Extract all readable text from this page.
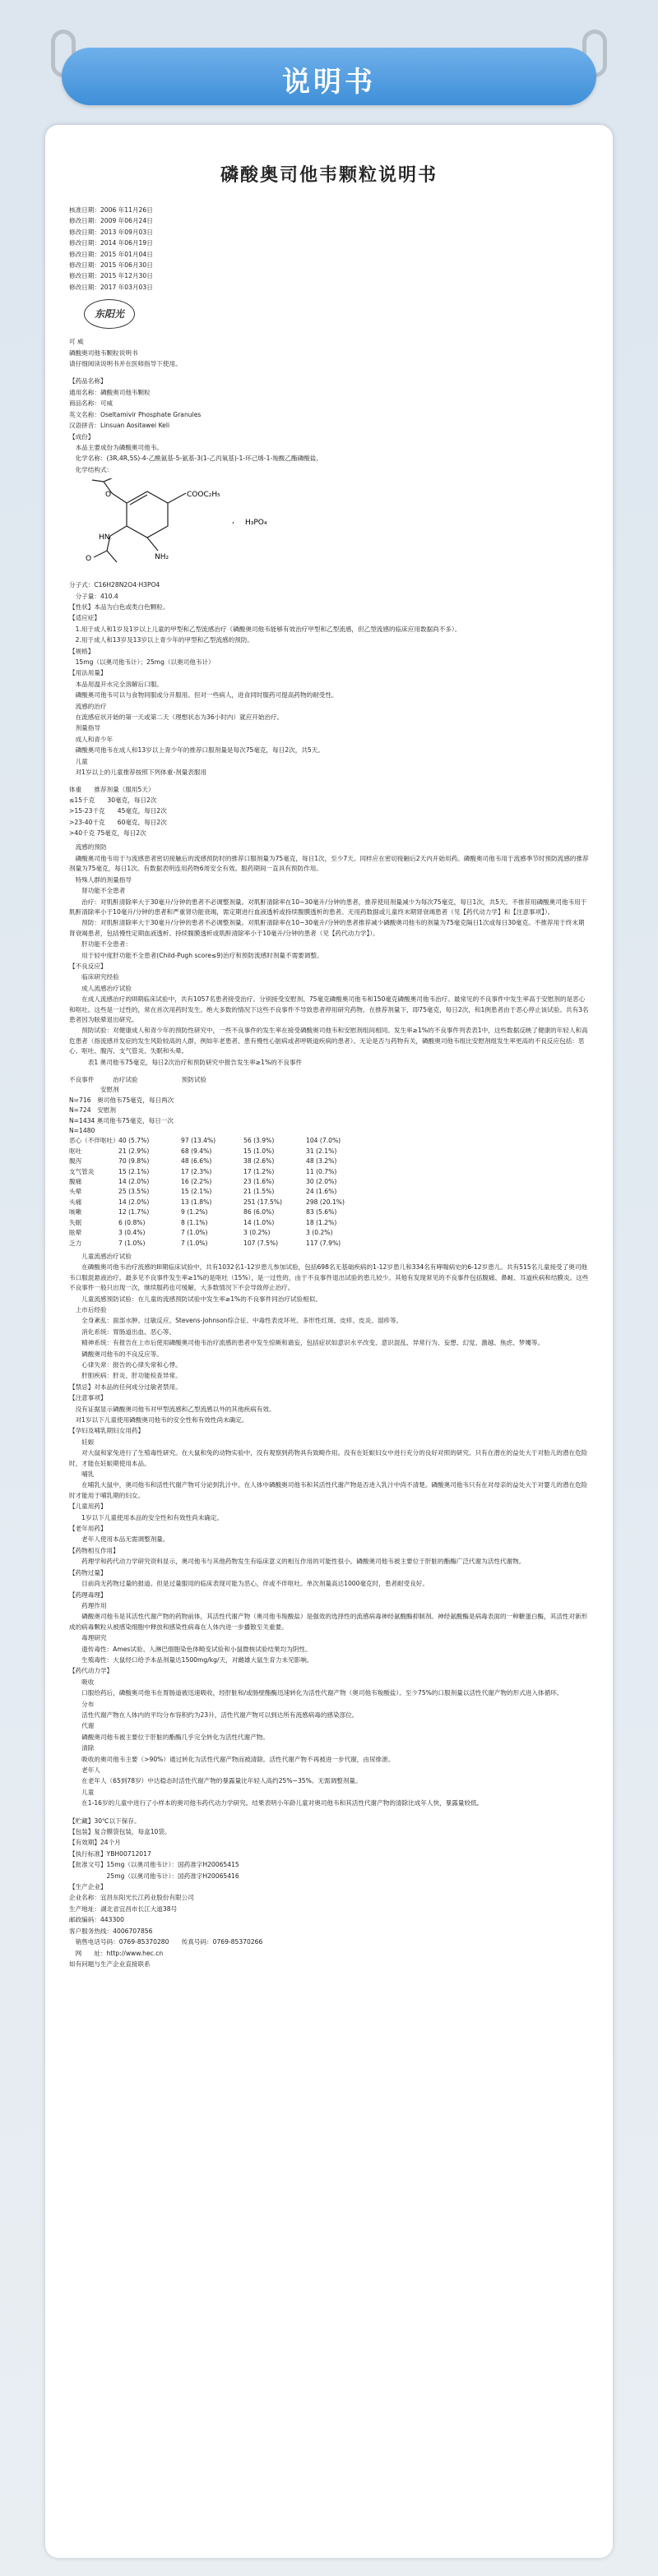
说明书
磷酸奥司他韦颗粒说明书
核准日期：2006 年11月26日
修改日期：2009 年06月24日
修改日期：2013 年09月03日
修改日期：2014 年06月19日
修改日期：2015 年01月04日
修改日期：2015 年06月30日
修改日期：2015 年12月30日
修改日期：2017 年03月03日
东阳光
可 威
磷酸奥司他韦颗粒说明书
请仔细阅读说明书并在医师指导下使用。
【药品名称】
通用名称：磷酸奥司他韦颗粒
商品名称：可威
英文名称：Oseltamivir Phosphate Granules
汉语拼音：Linsuan Aositawei Keli
【成份】
　本品主要成份为磷酸奥司他韦。
　化学名称：(3R,4R,5S)-4-乙酰氨基-5-氨基-3(1-乙丙氧基)-1-环己烯-1-羧酸乙酯磷酸盐。
　化学结构式：
O	COOC₂H₅
HN
O	NH₂
， H₃PO₄
分子式：C16H28N2O4·H3PO4
　分子量：410.4
【性状】本品为白色或类白色颗粒。
【适应症】
　1.用于成人和1岁及1岁以上儿童的甲型和乙型流感治疗（磷酸奥司他韦能够有效治疗甲型和乙型流感，但乙型流感的临床应用数据尚不多）。
　2.用于成人和13岁及13岁以上青少年的甲型和乙型流感的预防。
【规格】
　15mg（以奥司他韦计）；25mg（以奥司他韦计）
【用法用量】
　本品用温开水完全溶解后口服。
　磷酸奥司他韦可以与食物同服或分开服用。但对一些病人，进食同时服药可提高药物的耐受性。
　流感的治疗
　在流感症状开始的第一天或第二天（理想状态为36小时内）就应开始治疗。
　剂量指导
　成人和青少年
　磷酸奥司他韦在成人和13岁以上青少年的推荐口服剂量是每次75毫克，每日2次，共5天。
　儿童
　对1岁以上的儿童推荐按照下列体重-剂量表服用
体重　　推荐剂量（服用5天）
≤15千克　　30毫克，每日2次
>15-23千克　　45毫克，每日2次
>23-40千克　　60毫克，每日2次
>40千克 75毫克，每日2次
　流感的预防
　磷酸奥司他韦用于与流感患者密切接触后的流感预防时的推荐口服剂量为75毫克，每日1次，至少7天。同样应在密切接触后2天内开始用药。磷酸奥司他韦用于流感季节时预防流感的推荐剂量为75毫克，每日1次。有数据表明连用药物6周安全有效。服药期间一直具有预防作用。
　特殊人群的剂量指导
　　肾功能不全患者
　　治疗：对肌酐清除率大于30毫升/分钟的患者不必调整剂量。对肌酐清除率在10~30毫升/分钟的患者，推荐使用剂量减少为每次75毫克，每日1次，共5天。不推荐用磷酸奥司他韦用于肌酐清除率小于10毫升/分钟的患者和严重肾功能衰竭，需定期进行血液透析或持续腹膜透析的患者。无用药数据或儿童终末期肾衰竭患者（见【药代动力学】和【注意事项】）。
　　预防：对肌酐清除率大于30毫升/分钟的患者不必调整剂量。对肌酐清除率在10~30毫升/分钟的患者推荐减少磷酸奥司他韦的剂量为75毫克隔日1次或每日30毫克。不推荐用于终末期肾衰竭患者，包括慢性定期血液透析、持续腹膜透析或肌酐清除率小于10毫升/分钟的患者（见【药代动力学】）。
　　肝功能不全患者：
　　用于轻中度肝功能不全患者(Child-Pugh score≤9)治疗和预防流感时剂量不需要调整。
【不良反应】
　　临床研究经验
　　成人流感治疗试验
　　在成人流感治疗的III期临床试验中，共有1057名患者接受治疗。分别接受安慰剂、75毫克磷酸奥司他韦和150毫克磷酸奥司他韦治疗。最常见的不良事件中发生率高于安慰剂的是恶心和呕吐。这些是一过性的，常在首次用药时发生。绝大多数的情况下这些不良事件不导致患者停用研究药物。在推荐剂量下，即75毫克，每日2次，和1例患者由于恶心停止该试验。共有3名患者因为眩晕退出研究。
　　预防试验：对健康成人和青少年的预防性研究中，一些不良事件的发生率在接受磷酸奥司他韦和安慰剂组间相同。发生率≥1%的不良事件列表表1中，这些数据反映了健康的年轻人和高危患者（指流感并发症的发生风险较高的人群，例如年老患者、患有慢性心脏病或者呼吸道疾病的患者）。无论是否与药物有关，磷酸奥司他韦组比安慰剂组发生率更高的不良反应包括：恶心、呕吐、腹泻、支气管炎、失眠和头晕。
　　　表1 奥司他韦75毫克，每日2次治疗和预防研究中报告发生率≥1%的不良事件
不良事件　　　治疗试验　　　　　　　预防试验
　　　　　安慰剂
N=716　奥司他韦75毫克，每日两次
N=724　安慰剂
N=1434 奥司他韦75毫克，每日一次
N=1480
恶心（不伴呕吐） 40 (5.7%)	97 (13.4%)	56 (3.9%)	104 (7.0%)
呕吐	21 (2.9%)	68 (9.4%)	15 (1.0%)	31 (2.1%)
腹泻	70 (9.8%)	48 (6.6%)	38 (2.6%)	48 (3.2%)
支气管炎	15 (2.1%)	17 (2.3%)	17 (1.2%)	11 (0.7%)
腹痛	14 (2.0%)	16 (2.2%)	23 (1.6%)	30 (2.0%)
头晕	25 (3.5%)	15 (2.1%)	21 (1.5%)	24 (1.6%)
头痛	14 (2.0%)	13 (1.8%)	251 (17.5%)	298 (20.1%)
咳嗽	12 (1.7%)	9 (1.2%)	86 (6.0%)	83 (5.6%)
失眠	6 (0.8%)	8 (1.1%)	14 (1.0%)	18 (1.2%)
眩晕	3 (0.4%)	7 (1.0%)	3 (0.2%)	3 (0.2%)
乏力	7 (1.0%)	7 (1.0%)	107 (7.5%)	117 (7.9%)
　　儿童流感治疗试验
　　在磷酸奥司他韦治疗流感的III期临床试验中，共有1032名1-12岁患儿参加试验，包括698名无基础疾病的1-12岁患儿和334名有哮喘病史的6-12岁患儿。共有515名儿童接受了奥司他韦口服混悬液治疗。最多见不良事件发生率≥1%的是呕吐（15%），是一过性的，由于不良事件退出试验的患儿较少。其他有发现常见的不良事件包括腹痛、鼻衄、耳道疾病和结膜炎。这些不良事件一般只出现一次，继续服药也可缓解，大多数情况下不会导致停止治疗。
　　儿童流感预防试验：在儿童的流感预防试验中发生率≥1%的不良事件同治疗试验相似。
　上市后经验
　　全身紊乱：面部水肿、过敏反应、Stevens-Johnson综合征、中毒性表皮坏死、多形性红斑、皮疹、皮炎、湿疹等。
　　消化系统：胃肠道出血、恶心等。
　　精神系统：有报告在上市后使用磷酸奥司他韦治疗流感的患者中发生惊厥和谵妄，包括症状如意识水平改变、意识混乱、异常行为、妄想、幻觉、激越、焦虑、梦魇等。
　　磷酸奥司他韦的不良反应等。
　　心律失常：报告的心律失常和心悸。
　　肝胆疾病：肝炎、肝功能检查异常。
【禁忌】对本品的任何成分过敏者禁用。
【注意事项】
　没有证据显示磷酸奥司他韦对甲型流感和乙型流感以外的其他疾病有效。
　对1岁以下儿童使用磷酸奥司他韦的安全性和有效性尚未确定。
【孕妇及哺乳期妇女用药】
　　妊娠
　　对大鼠和家兔进行了生殖毒性研究。在大鼠和兔的动物实验中，没有观察到药物具有致畸作用。没有在妊娠妇女中进行充分的良好对照的研究。只有在潜在的益处大于对胎儿的潜在危险时，才能在妊娠期使用本品。
　　哺乳
　　在哺乳大鼠中，奥司他韦和活性代谢产物可分泌到乳汁中。在人体中磷酸奥司他韦和其活性代谢产物是否进入乳汁中尚不清楚。磷酸奥司他韦只有在对母亲的益处大于对婴儿的潜在危险时才能用于哺乳期的妇女。
【儿童用药】
　　1岁以下儿童使用本品的安全性和有效性尚未确定。
【老年用药】
　　老年人使用本品无需调整剂量。
【药物相互作用】
　　药理学和药代动力学研究资料显示，奥司他韦与其他药物发生有临床意义的相互作用的可能性很小。磷酸奥司他韦被主要位于肝脏的酯酶广泛代谢为活性代谢物。
【药物过量】
　　目前尚无药物过量的报道。但是过量服用的临床表现可能为恶心，伴或不伴呕吐。单次剂量高达1000毫克时，患者耐受良好。
【药理毒理】
　　药理作用
　　磷酸奥司他韦是其活性代谢产物的药物前体，其活性代谢产物（奥司他韦羧酸盐）是强效的选择性的流感病毒神经氨酸酶抑制剂。神经氨酸酶是病毒表面的一种糖蛋白酶，其活性对新形成的病毒颗粒从被感染细胞中释放和感染性病毒在人体内进一步播散至关重要。
　　毒理研究
　　遗传毒性：Ames试验、人淋巴细胞染色体畸变试验和小鼠微核试验结果均为阴性。
　　生殖毒性：大鼠经口给予本品剂量达1500mg/kg/天，对雌雄大鼠生育力未见影响。
【药代动力学】
　　吸收
　　口服给药后，磷酸奥司他韦在胃肠道被迅速吸收，经肝脏和/或肠壁酯酶迅速转化为活性代谢产物（奥司他韦羧酸盐）。至少75%的口服剂量以活性代谢产物的形式进入体循环。
　　分布
　　活性代谢产物在人体内的平均分布容积约为23升，活性代谢产物可以到达所有流感病毒的感染部位。
　　代谢
　　磷酸奥司他韦被主要位于肝脏的酯酶几乎完全转化为活性代谢产物。
　　清除
　　吸收的奥司他韦主要（>90%）通过转化为活性代谢产物而被清除。活性代谢产物不再被进一步代谢，由尿排泄。
　　老年人
　　在老年人（65到78岁）中达稳态时活性代谢产物的暴露量比年轻人高约25%~35%。无需调整剂量。
　　儿童
　　在1-16岁的儿童中进行了小样本的奥司他韦药代动力学研究。结果表明小年龄儿童对奥司他韦和其活性代谢产物的清除比成年人快，暴露量较低。
【贮藏】30℃以下保存。
【包装】复合膜袋包装，每盒10袋。
【有效期】24个月
【执行标准】YBH00712017
【批准文号】15mg（以奥司他韦计）：国药准字H20065415
　　　　　　25mg（以奥司他韦计）：国药准字H20065416
【生产企业】
企业名称：宜昌东阳光长江药业股份有限公司
生产地址：湖北省宜昌市长江大道38号
邮政编码：443300
客户服务热线：4006707856
　销售电话号码：0769-85370280　　传真号码：0769-85370266
　网　　址：http://www.hec.cn
如有问题与生产企业直接联系
